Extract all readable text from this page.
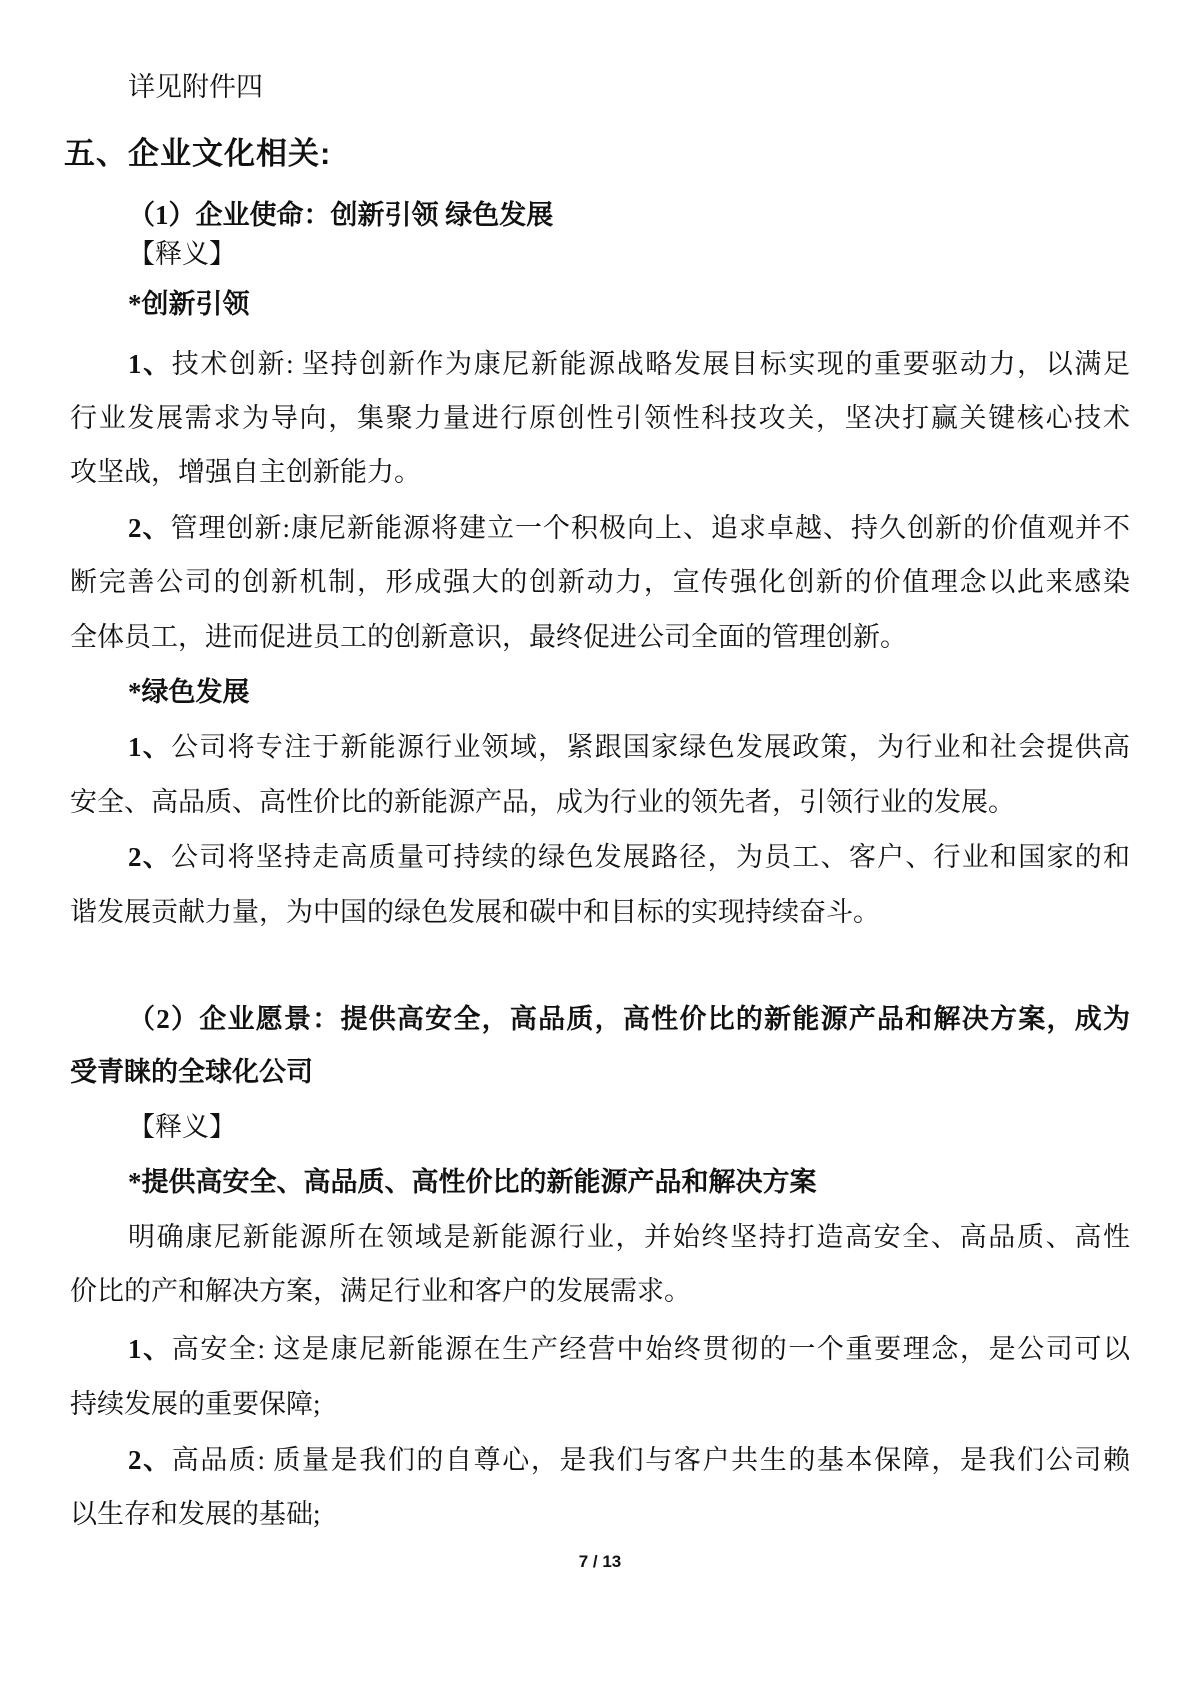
详见附件四
五、企业文化相关:
（1）企业使命：创新引领 绿色发展
【释义】
*创新引领
1、技术创新: 坚持创新作为康尼新能源战略发展目标实现的重要驱动力，以满足
行业发展需求为导向，集聚力量进行原创性引领性科技攻关，坚决打赢关键核心技术
攻坚战，增强自主创新能力。
2、管理创新:康尼新能源将建立一个积极向上、追求卓越、持久创新的价值观并不
断完善公司的创新机制，形成强大的创新动力，宣传强化创新的价值理念以此来感染
全体员工，进而促进员工的创新意识，最终促进公司全面的管理创新。
*绿色发展
1、公司将专注于新能源行业领域，紧跟国家绿色发展政策，为行业和社会提供高
安全、高品质、高性价比的新能源产品，成为行业的领先者，引领行业的发展。
2、公司将坚持走高质量可持续的绿色发展路径，为员工、客户、行业和国家的和
谐发展贡献力量，为中国的绿色发展和碳中和目标的实现持续奋斗。
（2）企业愿景：提供高安全，高品质，高性价比的新能源产品和解决方案，成为
受青睐的全球化公司
【释义】
*提供高安全、高品质、高性价比的新能源产品和解决方案
明确康尼新能源所在领域是新能源行业，并始终坚持打造高安全、高品质、高性
价比的产和解决方案，满足行业和客户的发展需求。
1、高安全: 这是康尼新能源在生产经营中始终贯彻的一个重要理念，是公司可以
持续发展的重要保障;
2、高品质: 质量是我们的自尊心，是我们与客户共生的基本保障，是我们公司赖
以生存和发展的基础;
7 / 13
